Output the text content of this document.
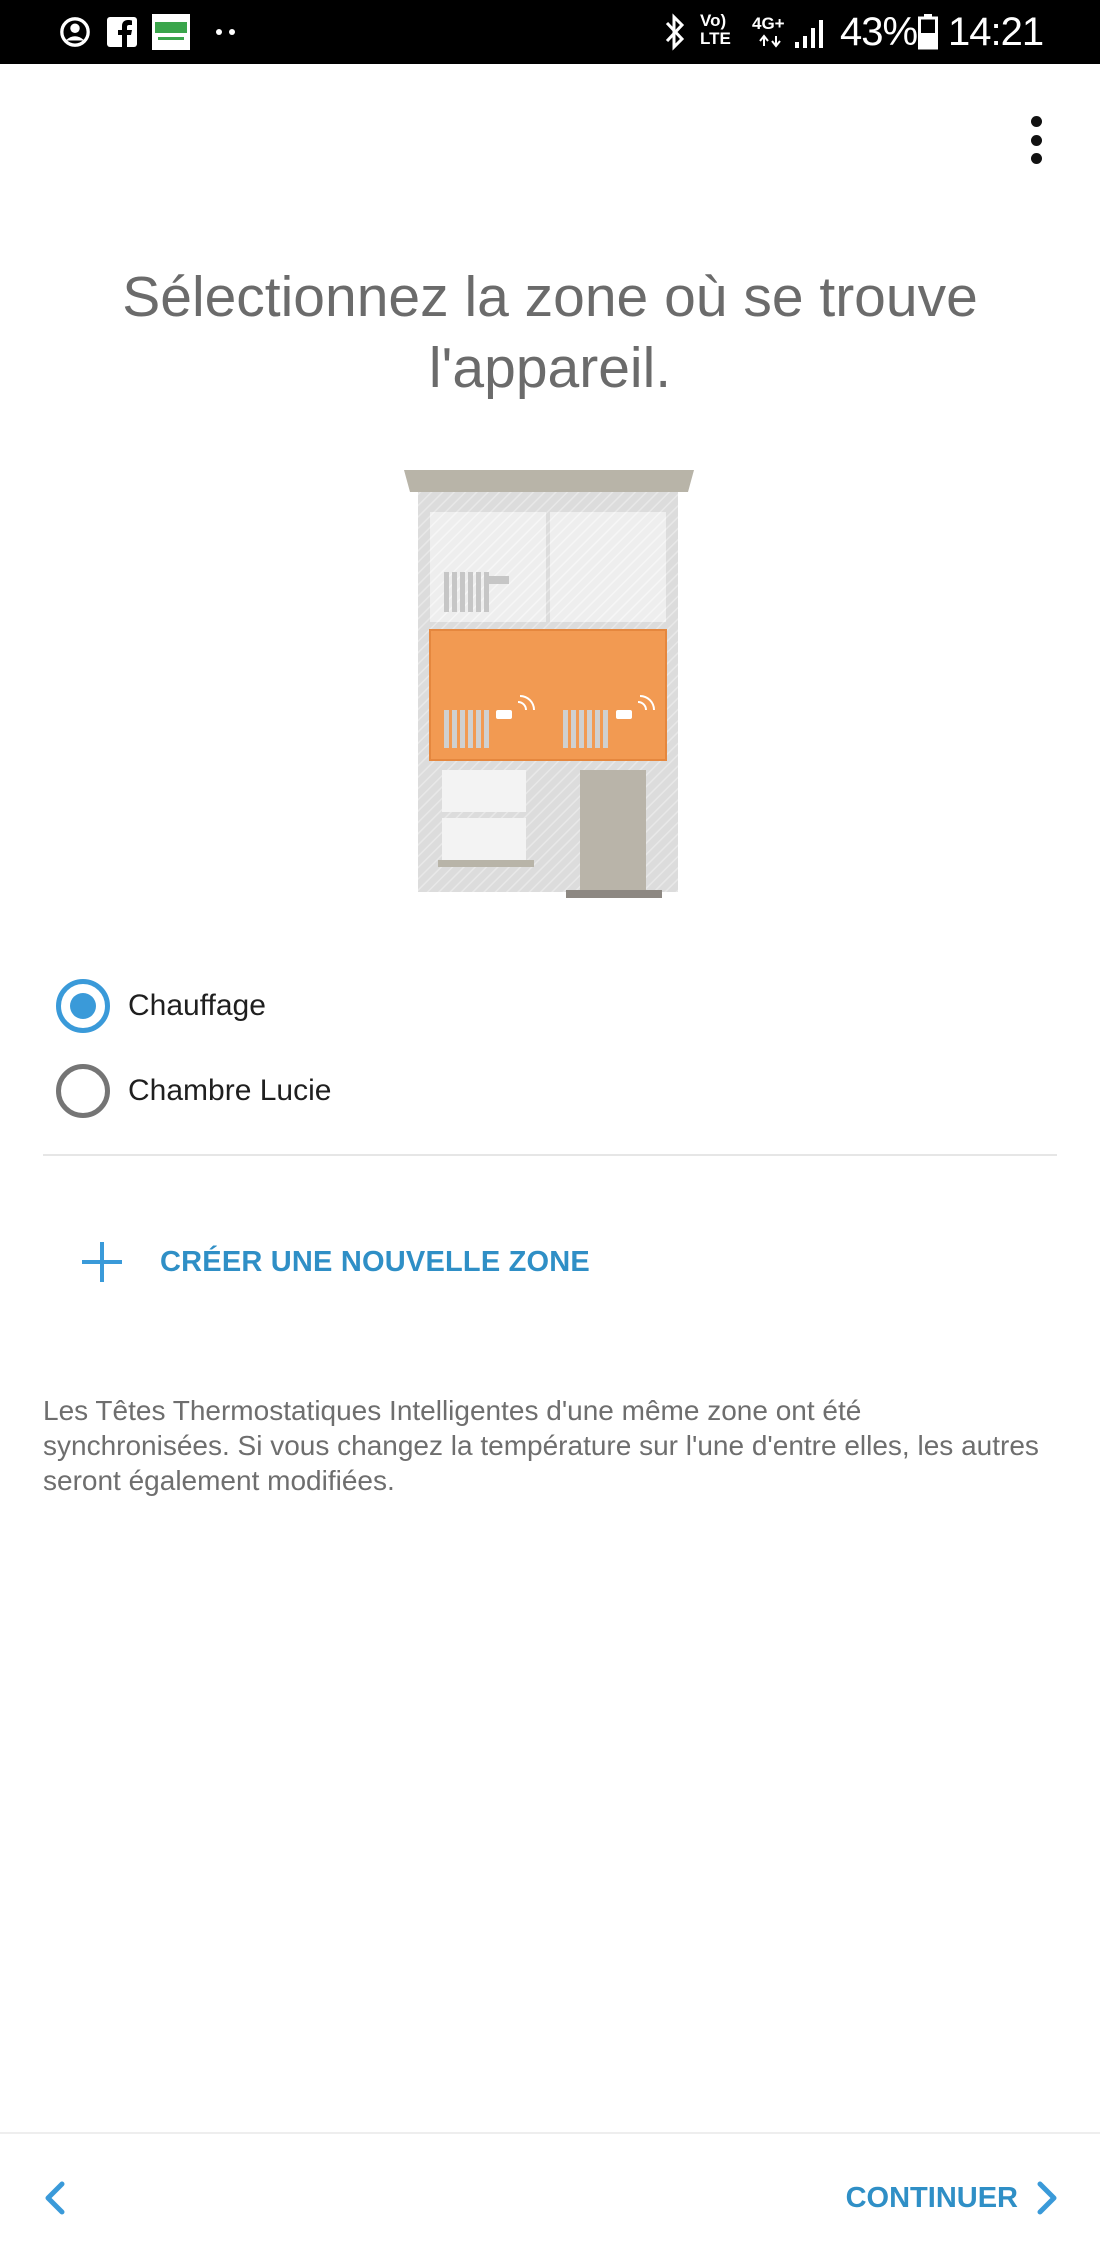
Vo) LTE
4G+ 43% 14:21
Sélectionnez la zone où se trouve l'appareil.
Chauffage
Chambre Lucie
CRÉER UNE NOUVELLE ZONE

Les Têtes Thermostatiques Intelligentes d'une même zone ont été synchronisées. Si vous changez la température sur l'une d'entre elles, les autres seront également modifiées.

CONTINUER
